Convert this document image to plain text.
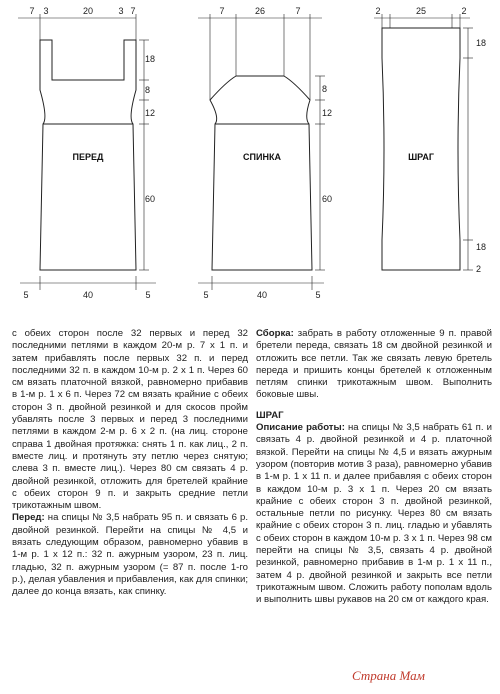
7 3	20	3 7
18
8
12
60
5	40	5
ПЕРЕД
7	26	7
8
12
60
5	40	5
СПИНКА
2	25	2
18
18
2
ШРАГ

с обеих сторон после 32 первых и перед 32 последними петлями в каждом 20-м р. 7 х 1 п. и затем прибавлять после первых 32 п. и перед последними 32 п. в каждом 10-м р. 2 х 1 п. Через 60 см вязать платочной вязкой, равномерно прибавив в 1-м р. 1 х 6 п. Через 72 см вязать крайние с обеих сторон 3 п. двойной резинкой и для скосов пройм убавлять после 3 первых и перед 3 последними петлями в каждом 2-м р. 6 х 2 п. (на лиц. стороне справа 1 двойная протяжка: снять 1 п. как лиц., 2 п. вместе лиц. и протянуть эту петлю через снятую; слева 3 п. вместе лиц.). Через 80 см связать 4 р. двойной резинкой, отложить для бретелей крайние с обеих сторон 9 п. и закрыть средние петли трикотажным швом.

Перед: на спицы № 3,5 набрать 95 п. и связать 6 р. двойной резинкой. Перейти на спицы № 4,5 и вязать следующим образом, равномерно убавив в 1-м р. 1 х 12 п.: 32 п. ажурным узором, 23 п. лиц. гладью, 32 п. ажурным узором (= 87 п. после 1-го р.), делая убавления и прибавления, как для спинки; далее до конца вязать, как спинку.

Сборка: забрать в работу отложенные 9 п. правой бретели переда, связать 18 см двойной резинкой и отложить все петли. Так же связать левую бретель переда и пришить концы бретелей к отложенным петлям спинки трикотажным швом. Выполнить боковые швы.

ШРАГ

Описание работы: на спицы № 3,5 набрать 61 п. и связать 4 р. двойной резинкой и 4 р. платочной вязкой. Перейти на спицы № 4,5 и вязать ажурным узором (повторив мотив 3 раза), равномерно убавив в 1-м р. 1 х 11 п. и далее прибавляя с обеих сторон в каждом 10-м р. 3 х 1 п. Через 20 см вязать крайние с обеих сторон 3 п. двойной резинкой, остальные петли по рисунку. Через 80 см вязать крайние с обеих сторон 3 п. лиц. гладью и убавлять с обеих сторон в каждом 10-м р. 3 х 1 п. Через 98 см перейти на спицы № 3,5, связать 4 р. двойной резинкой, равномерно прибавив в 1-м р. 1 х 11 п., затем 4 р. двойной резинкой и закрыть все петли трикотажным швом. Сложить работу пополам вдоль и выполнить швы рукавов на 20 см от каждого края.

Страна Мам
